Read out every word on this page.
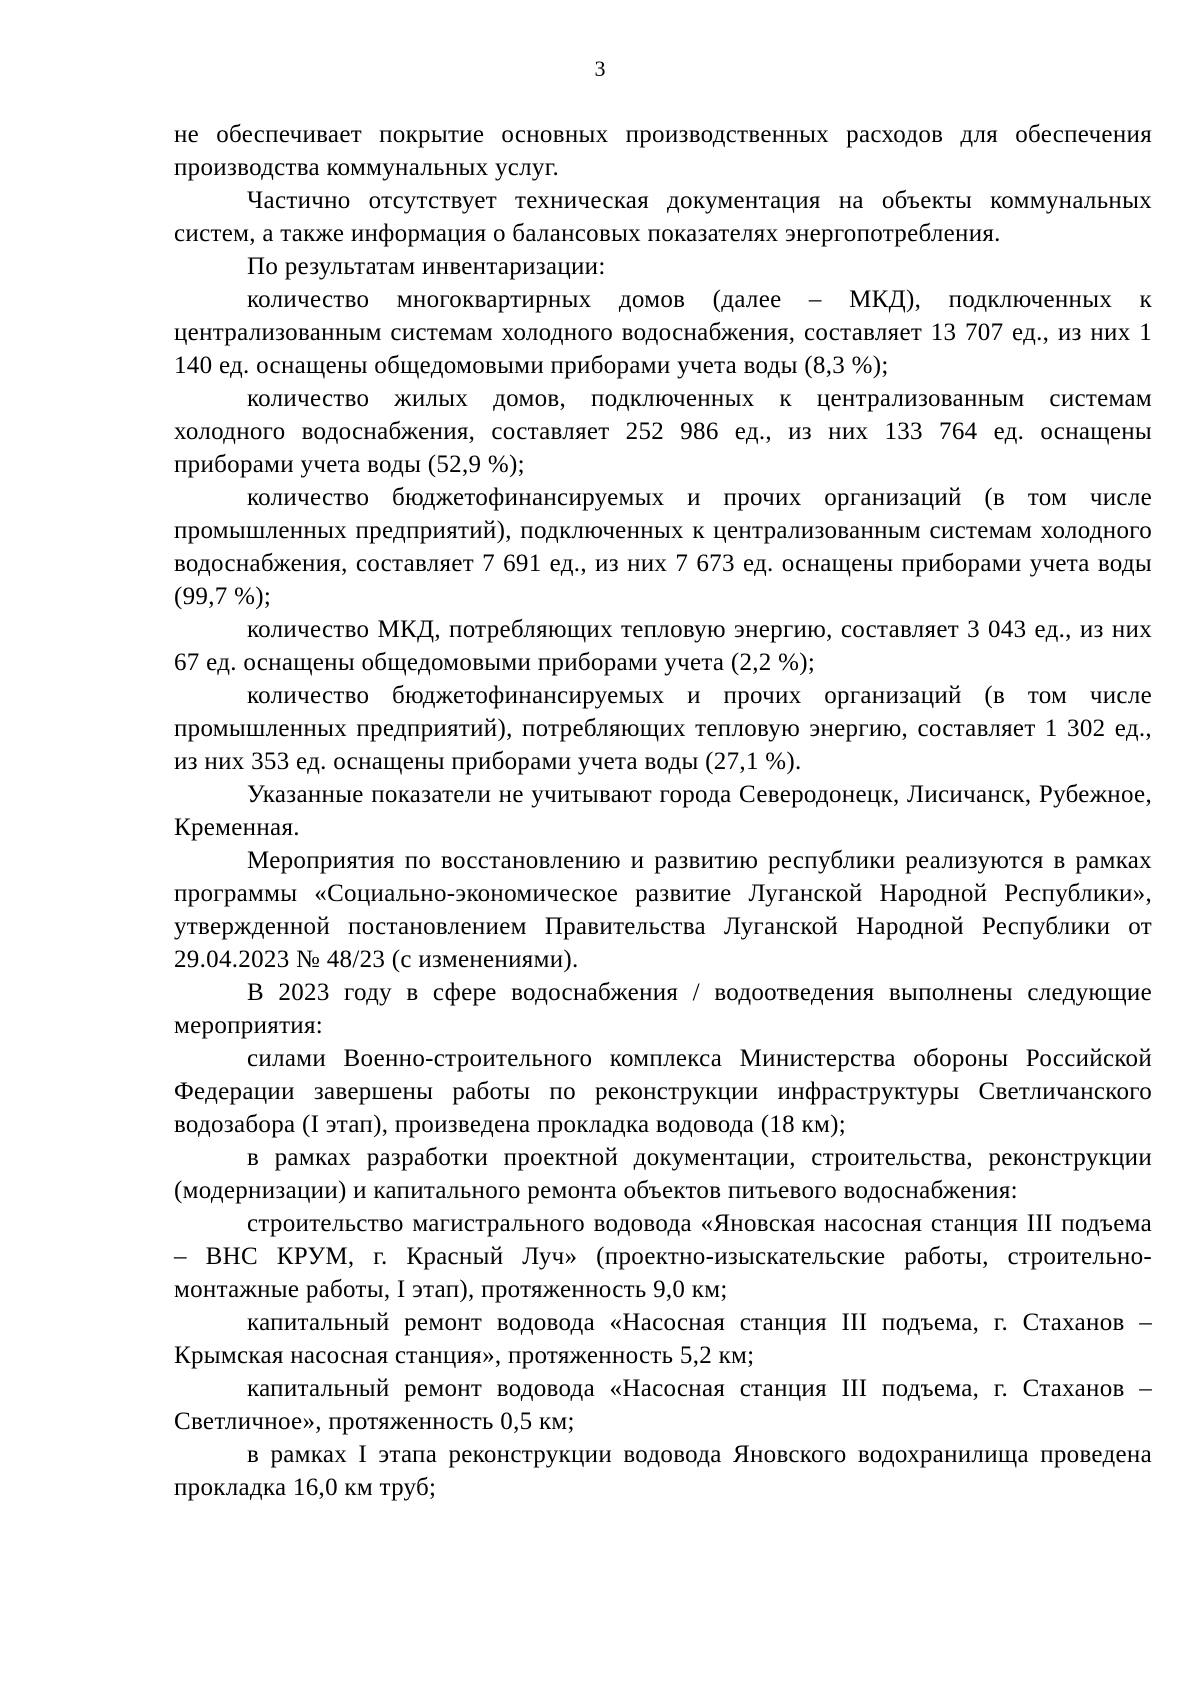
3

не обеспечивает покрытие основных производственных расходов для обеспечения производства коммунальных услуг.

Частично отсутствует техническая документация на объекты коммунальных систем, а также информация о балансовых показателях энергопотребления.

По результатам инвентаризации:

количество многоквартирных домов (далее – МКД), подключенных к централизованным системам холодного водоснабжения, составляет 13 707 ед., из них 1 140 ед. оснащены общедомовыми приборами учета воды (8,3 %);

количество жилых домов, подключенных к централизованным системам холодного водоснабжения, составляет 252 986 ед., из них 133 764 ед. оснащены приборами учета воды (52,9 %);

количество бюджетофинансируемых и прочих организаций (в том числе промышленных предприятий), подключенных к централизованным системам холодного водоснабжения, составляет 7 691 ед., из них 7 673 ед. оснащены приборами учета воды (99,7 %);

количество МКД, потребляющих тепловую энергию, составляет 3 043 ед., из них 67 ед. оснащены общедомовыми приборами учета (2,2 %);

количество бюджетофинансируемых и прочих организаций (в том числе промышленных предприятий), потребляющих тепловую энергию, составляет 1 302 ед., из них 353 ед. оснащены приборами учета воды (27,1 %).

Указанные показатели не учитывают города Северодонецк, Лисичанск, Рубежное, Кременная.

Мероприятия по восстановлению и развитию республики реализуются в рамках программы «Социально-экономическое развитие Луганской Народной Республики», утвержденной постановлением Правительства Луганской Народной Республики от 29.04.2023 № 48/23 (с изменениями).

В 2023 году в сфере водоснабжения / водоотведения выполнены следующие мероприятия:

силами Военно-строительного комплекса Министерства обороны Российской Федерации завершены работы по реконструкции инфраструктуры Светличанского водозабора (I этап), произведена прокладка водовода (18 км);

в рамках разработки проектной документации, строительства, реконструкции (модернизации) и капитального ремонта объектов питьевого водоснабжения:

строительство магистрального водовода «Яновская насосная станция III подъема – ВНС КРУМ, г. Красный Луч» (проектно-изыскательские работы, строительно-монтажные работы, I этап), протяженность 9,0 км;

капитальный ремонт водовода «Насосная станция III подъема, г. Стаханов – Крымская насосная станция», протяженность 5,2 км;

капитальный ремонт водовода «Насосная станция III подъема, г. Стаханов – Светличное», протяженность 0,5 км;

в рамках I этапа реконструкции водовода Яновского водохранилища проведена прокладка 16,0 км труб;
